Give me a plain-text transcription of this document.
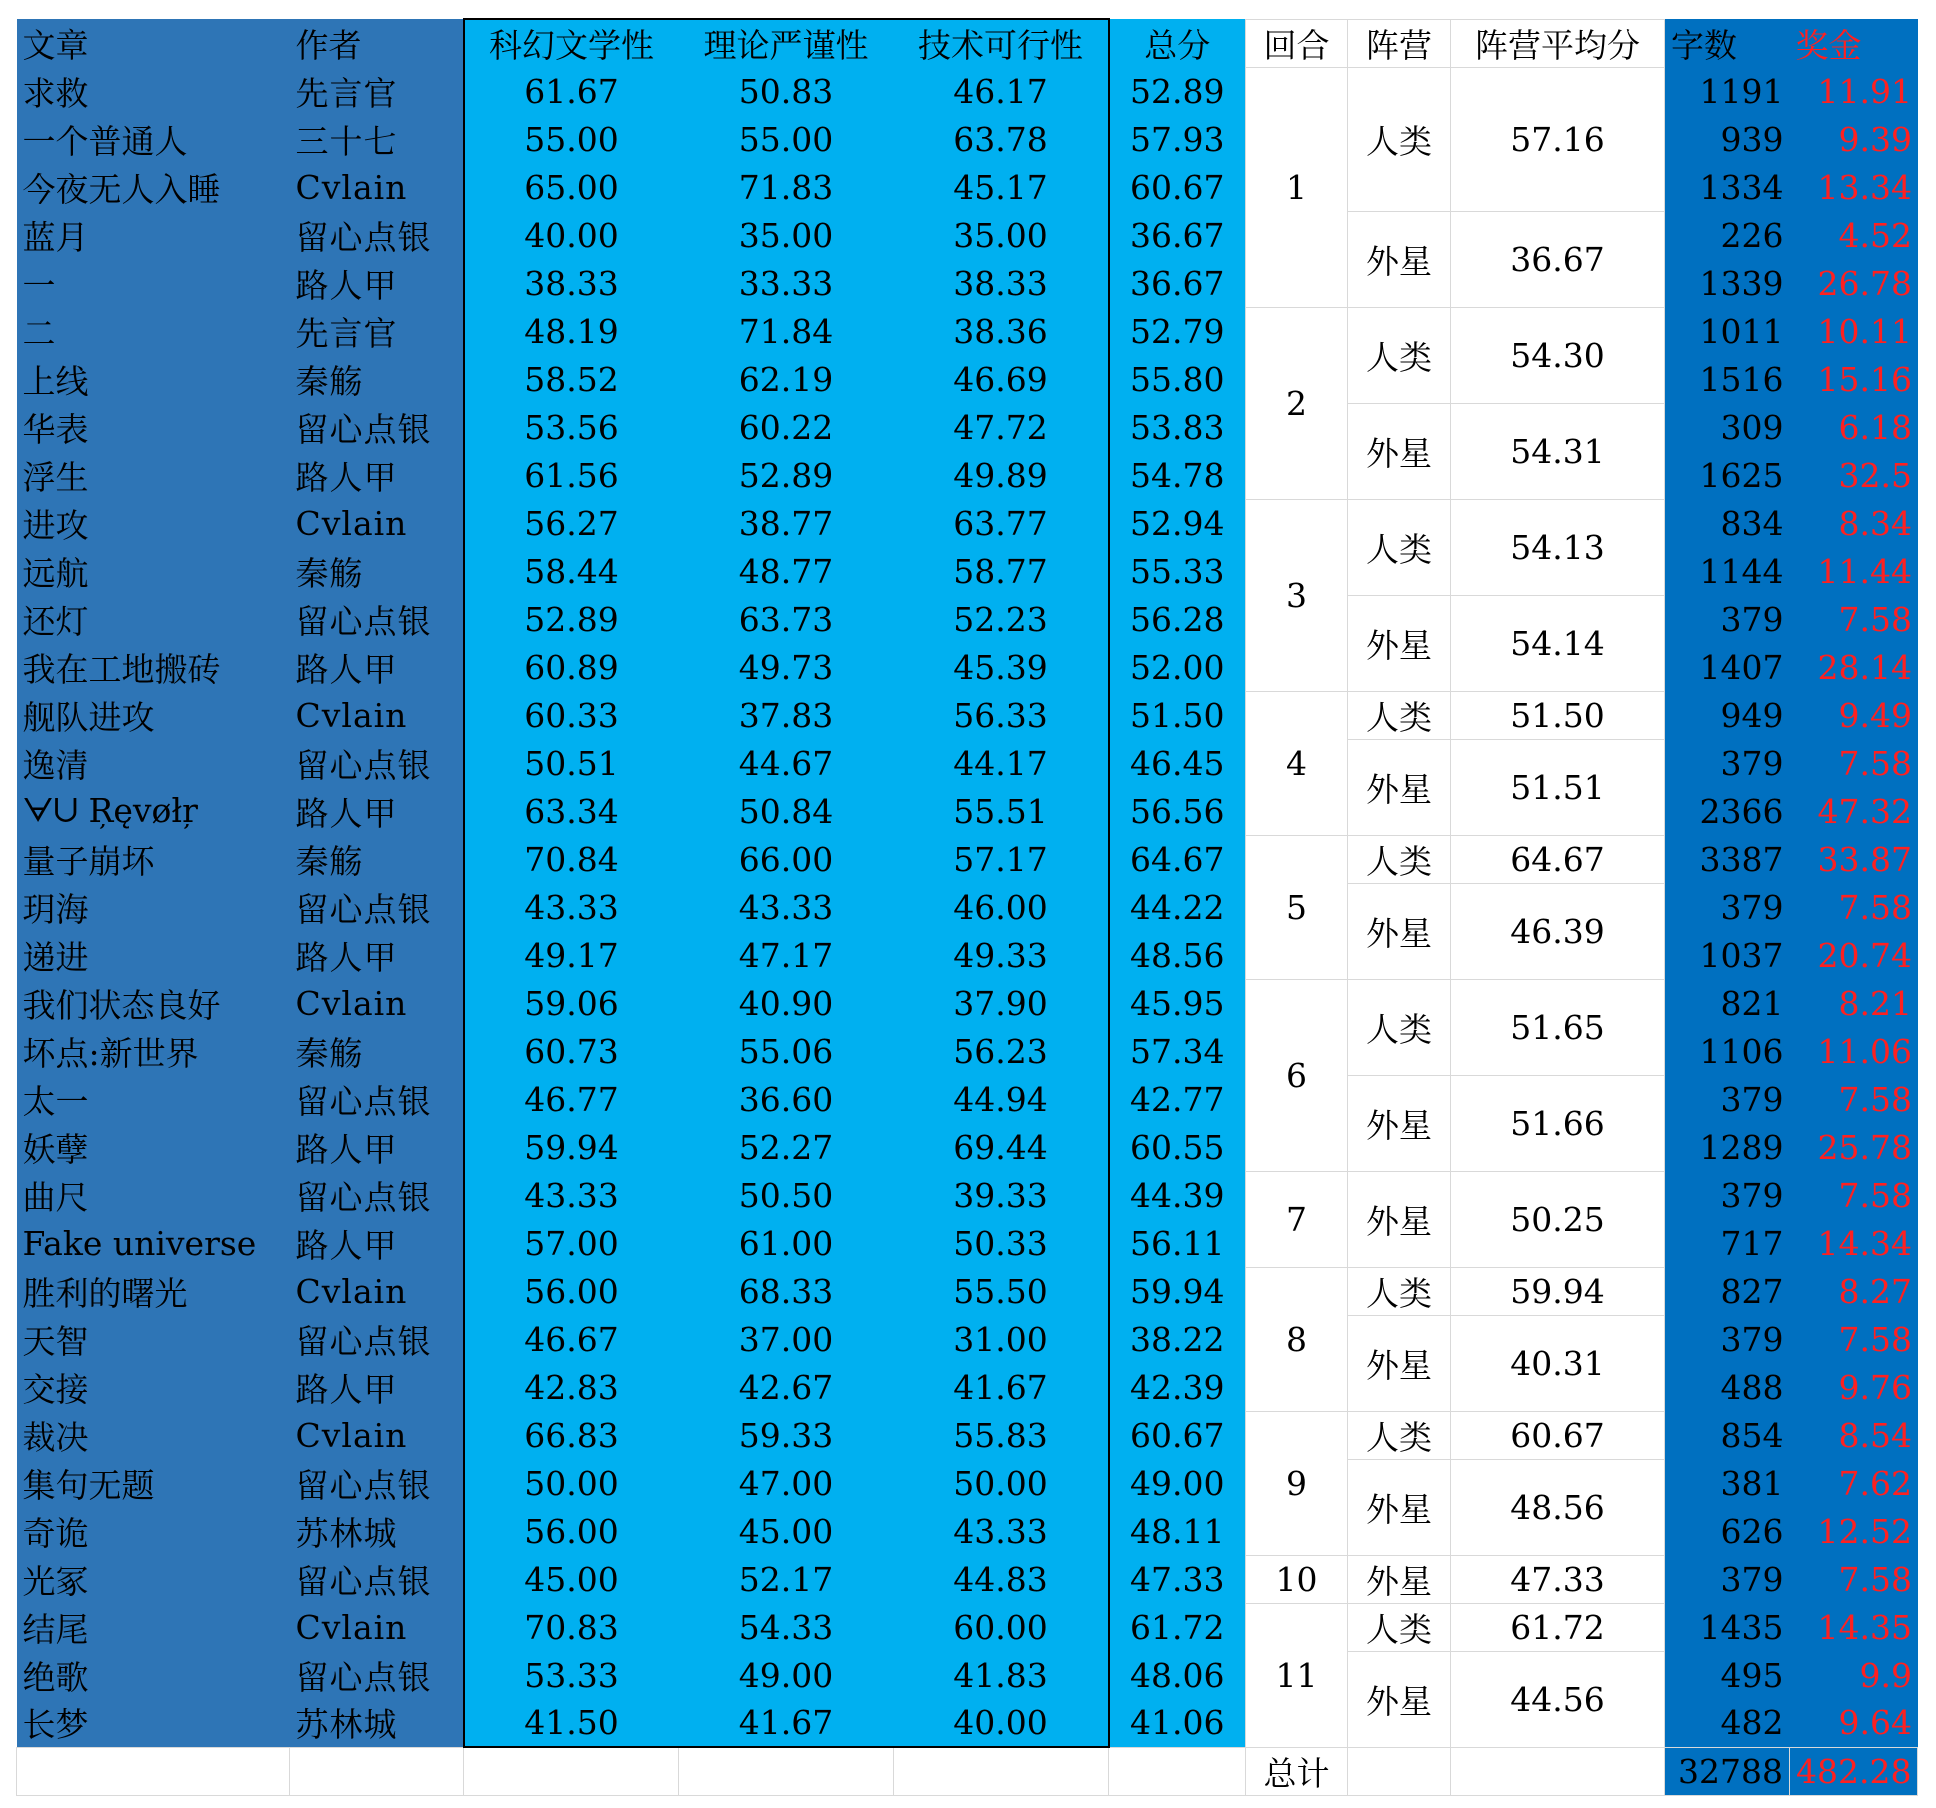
文章	作者	科幻文学性	理论严谨性	技术可行性	总分	回合	阵营	阵营平均分	字数	奖金
求救	先言官	61.67	50.83	46.17	52.89	1	人类	57.16	1191	11.91
一个普通人	三十七	55.00	55.00	63.78	57.93				939	9.39
今夜无人入睡	Cvlain	65.00	71.83	45.17	60.67				1334	13.34
蓝月	留心点银	40.00	35.00	35.00	36.67		外星	36.67	226	4.52
一	路人甲	38.33	33.33	38.33	36.67				1339	26.78
二	先言官	48.19	71.84	38.36	52.79	2	人类	54.30	1011	10.11
上线	秦觞	58.52	62.19	46.69	55.80				1516	15.16
华表	留心点银	53.56	60.22	47.72	53.83		外星	54.31	309	6.18
浮生	路人甲	61.56	52.89	49.89	54.78				1625	32.5
进攻	Cvlain	56.27	38.77	63.77	52.94	3	人类	54.13	834	8.34
远航	秦觞	58.44	48.77	58.77	55.33				1144	11.44
还灯	留心点银	52.89	63.73	52.23	56.28		外星	54.14	379	7.58
我在工地搬砖	路人甲	60.89	49.73	45.39	52.00				1407	28.14
舰队进攻	Cvlain	60.33	37.83	56.33	51.50	4	人类	51.50	949	9.49
逸清	留心点银	50.51	44.67	44.17	46.45		外星	51.51	379	7.58
ᗄᑌ Ŗęvøłŗ	路人甲	63.34	50.84	55.51	56.56				2366	47.32
量子崩坏	秦觞	70.84	66.00	57.17	64.67	5	人类	64.67	3387	33.87
玥海	留心点银	43.33	43.33	46.00	44.22		外星	46.39	379	7.58
递进	路人甲	49.17	47.17	49.33	48.56				1037	20.74
我们状态良好	Cvlain	59.06	40.90	37.90	45.95	6	人类	51.65	821	8.21
坏点:新世界	秦觞	60.73	55.06	56.23	57.34				1106	11.06
太一	留心点银	46.77	36.60	44.94	42.77		外星	51.66	379	7.58
妖孽	路人甲	59.94	52.27	69.44	60.55				1289	25.78
曲尺	留心点银	43.33	50.50	39.33	44.39	7	外星	50.25	379	7.58
Fake universe	路人甲	57.00	61.00	50.33	56.11				717	14.34
胜利的曙光	Cvlain	56.00	68.33	55.50	59.94	8	人类	59.94	827	8.27
天智	留心点银	46.67	37.00	31.00	38.22		外星	40.31	379	7.58
交接	路人甲	42.83	42.67	41.67	42.39				488	9.76
裁决	Cvlain	66.83	59.33	55.83	60.67	9	人类	60.67	854	8.54
集句无题	留心点银	50.00	47.00	50.00	49.00		外星	48.56	381	7.62
奇诡	苏林城	56.00	45.00	43.33	48.11				626	12.52
光冢	留心点银	45.00	52.17	44.83	47.33	10	外星	47.33	379	7.58
结尾	Cvlain	70.83	54.33	60.00	61.72	11	人类	61.72	1435	14.35
绝歌	留心点银	53.33	49.00	41.83	48.06		外星	44.56	495	9.9
长梦	苏林城	41.50	41.67	40.00	41.06				482	9.64
						总计			32788	482.28
